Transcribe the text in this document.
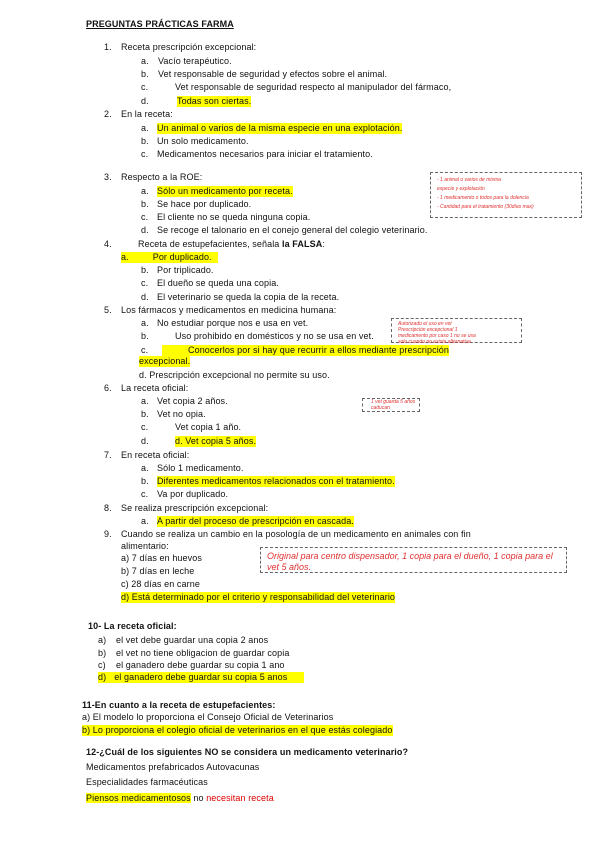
PREGUNTAS PRÁCTICAS FARMA
1. Receta prescripción excepcional:
a. Vacío terapéutico.
b. Vet responsable de seguridad y efectos sobre el animal.
c.	Vet responsable de seguridad respecto al manipulador del fármaco,
d.	Todas son ciertas.
2. En la receta:
a. Un animal o varios de la misma especie en una explotación.
b. Un solo medicamento.
c. Medicamentos necesarios para iniciar el tratamiento.
3. Respecto a la ROE:
a. Sólo un medicamento por receta.
b. Se hace por duplicado.
c. El cliente no se queda ninguna copia.
d. Se recoge el talonario en el conejo general del colegio veterinario.
- 1 animal o varios de misma
especie y explotación
- 1 medicamento o todos para la dolencia
- Cantidad para el tratamiento (30días max)
4.	Receta de estupefacientes, señala la FALSA:
a.	Por duplicado.
b. Por triplicado.
c. El dueño se queda una copia.
d. El veterinario se queda la copia de la receta.
5. Los fármacos y medicamentos en medicina humana:
a. No estudiar porque nos e usa en vet.
b.	Uso prohibido en domésticos y no se usa en vet.
c.	Conocerlos por si hay que recurrir a ellos mediante prescripción
excepcional.
d. Prescripción excepcional no permite su uso.
Autorizado el uso en vet
Prescripción excepcional 1
medicamento por caso 1 no se usa
solo cuando no exista alternativa
6. La receta oficial:
a. Vet copia 2 años.
b. Vet no opia.
c.	Vet copia 1 año.
d.	d. Vet copia 5 años.
1 vet guarda 5 años
caducan
7. En receta oficial:
a. Sólo 1 medicamento.
b. Diferentes medicamentos relacionados con el tratamiento.
c. Va por duplicado.
8. Se realiza prescripción excepcional:
a. A partir del proceso de prescripción en cascada.
9. Cuando se realiza un cambio en la posología de un medicamento en animales con fin
alimentario:
a) 7 días en huevos
b) 7 días en leche
c) 28 días en carne
d) Está determinado por el criterio y responsabilidad del veterinario
Original para centro dispensador, 1 copia para el dueño, 1 copia para el vet 5 años.
10- La receta oficial:
a) el vet debe guardar una copia 2 anos
b) el vet no tiene obligacion de guardar copia
c) el ganadero debe guardar su copia 1 ano
d) el ganadero debe guardar su copia 5 anos
11-En cuanto a la receta de estupefacientes:
a) El modelo lo proporciona el Consejo Oficial de Veterinarios
b) Lo proporciona el colegio oficial de veterinarios en el que estás colegiado
12-¿Cuál de los siguientes NO se considera un medicamento veterinario?
Medicamentos prefabricados Autovacunas
Especialidades farmacéuticas
Piensos medicamentosos no necesitan receta
